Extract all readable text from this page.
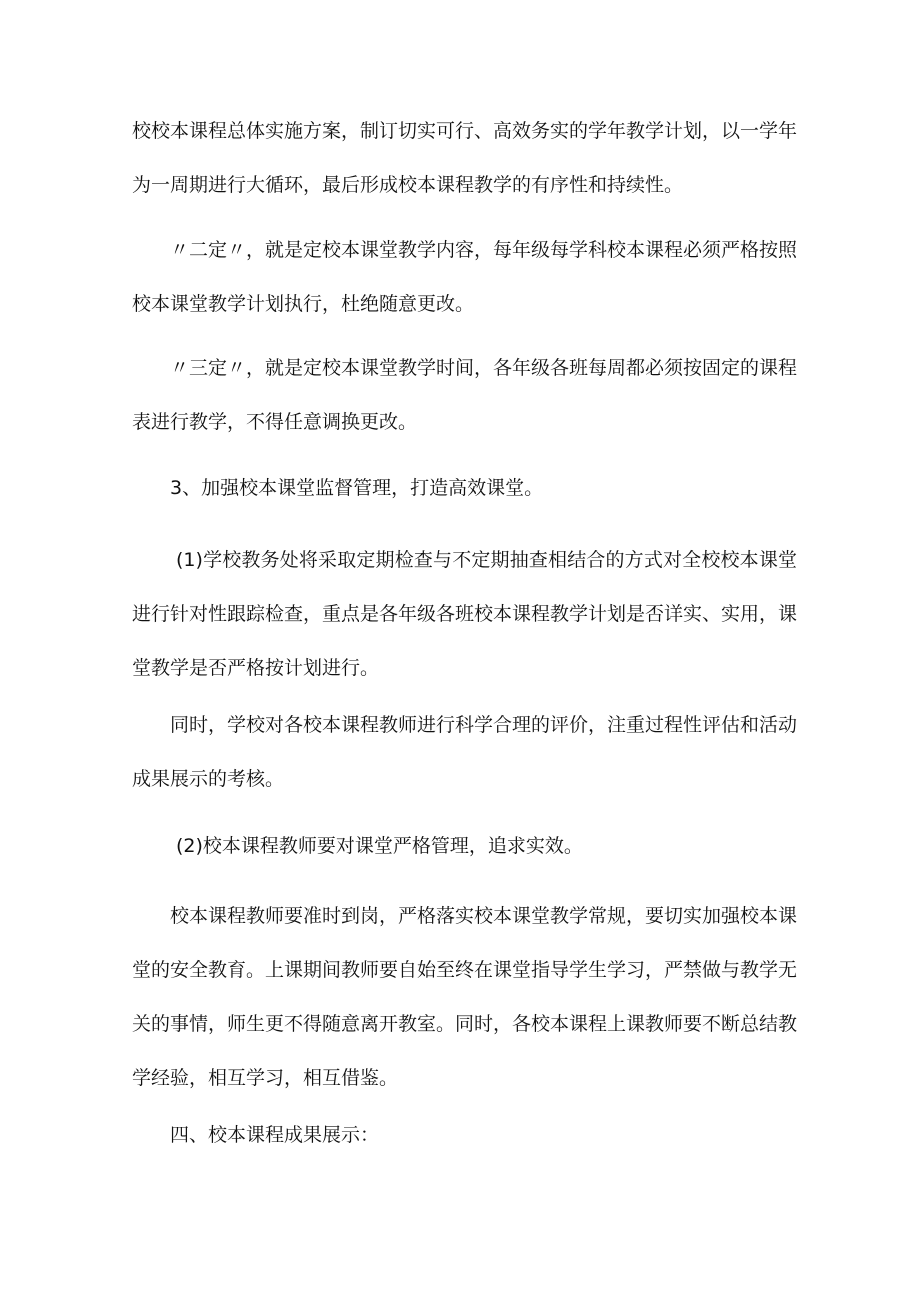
校校本课程总体实施方案，制订切实可行、高效务实的学年教学计划，以一学年为一周期进行大循环，最后形成校本课程教学的有序性和持续性。

〃二定〃，就是定校本课堂教学内容，每年级每学科校本课程必须严格按照校本课堂教学计划执行，杜绝随意更改。

〃三定〃，就是定校本课堂教学时间，各年级各班每周都必须按固定的课程表进行教学，不得任意调换更改。

3、加强校本课堂监督管理，打造高效课堂。

(1)学校教务处将采取定期检查与不定期抽查相结合的方式对全校校本课堂进行针对性跟踪检查，重点是各年级各班校本课程教学计划是否详实、实用，课堂教学是否严格按计划进行。

同时，学校对各校本课程教师进行科学合理的评价，注重过程性评估和活动成果展示的考核。

(2)校本课程教师要对课堂严格管理，追求实效。

校本课程教师要准时到岗，严格落实校本课堂教学常规，要切实加强校本课堂的安全教育。上课期间教师要自始至终在课堂指导学生学习，严禁做与教学无关的事情，师生更不得随意离开教室。同时，各校本课程上课教师要不断总结教学经验，相互学习，相互借鉴。

四、校本课程成果展示：
